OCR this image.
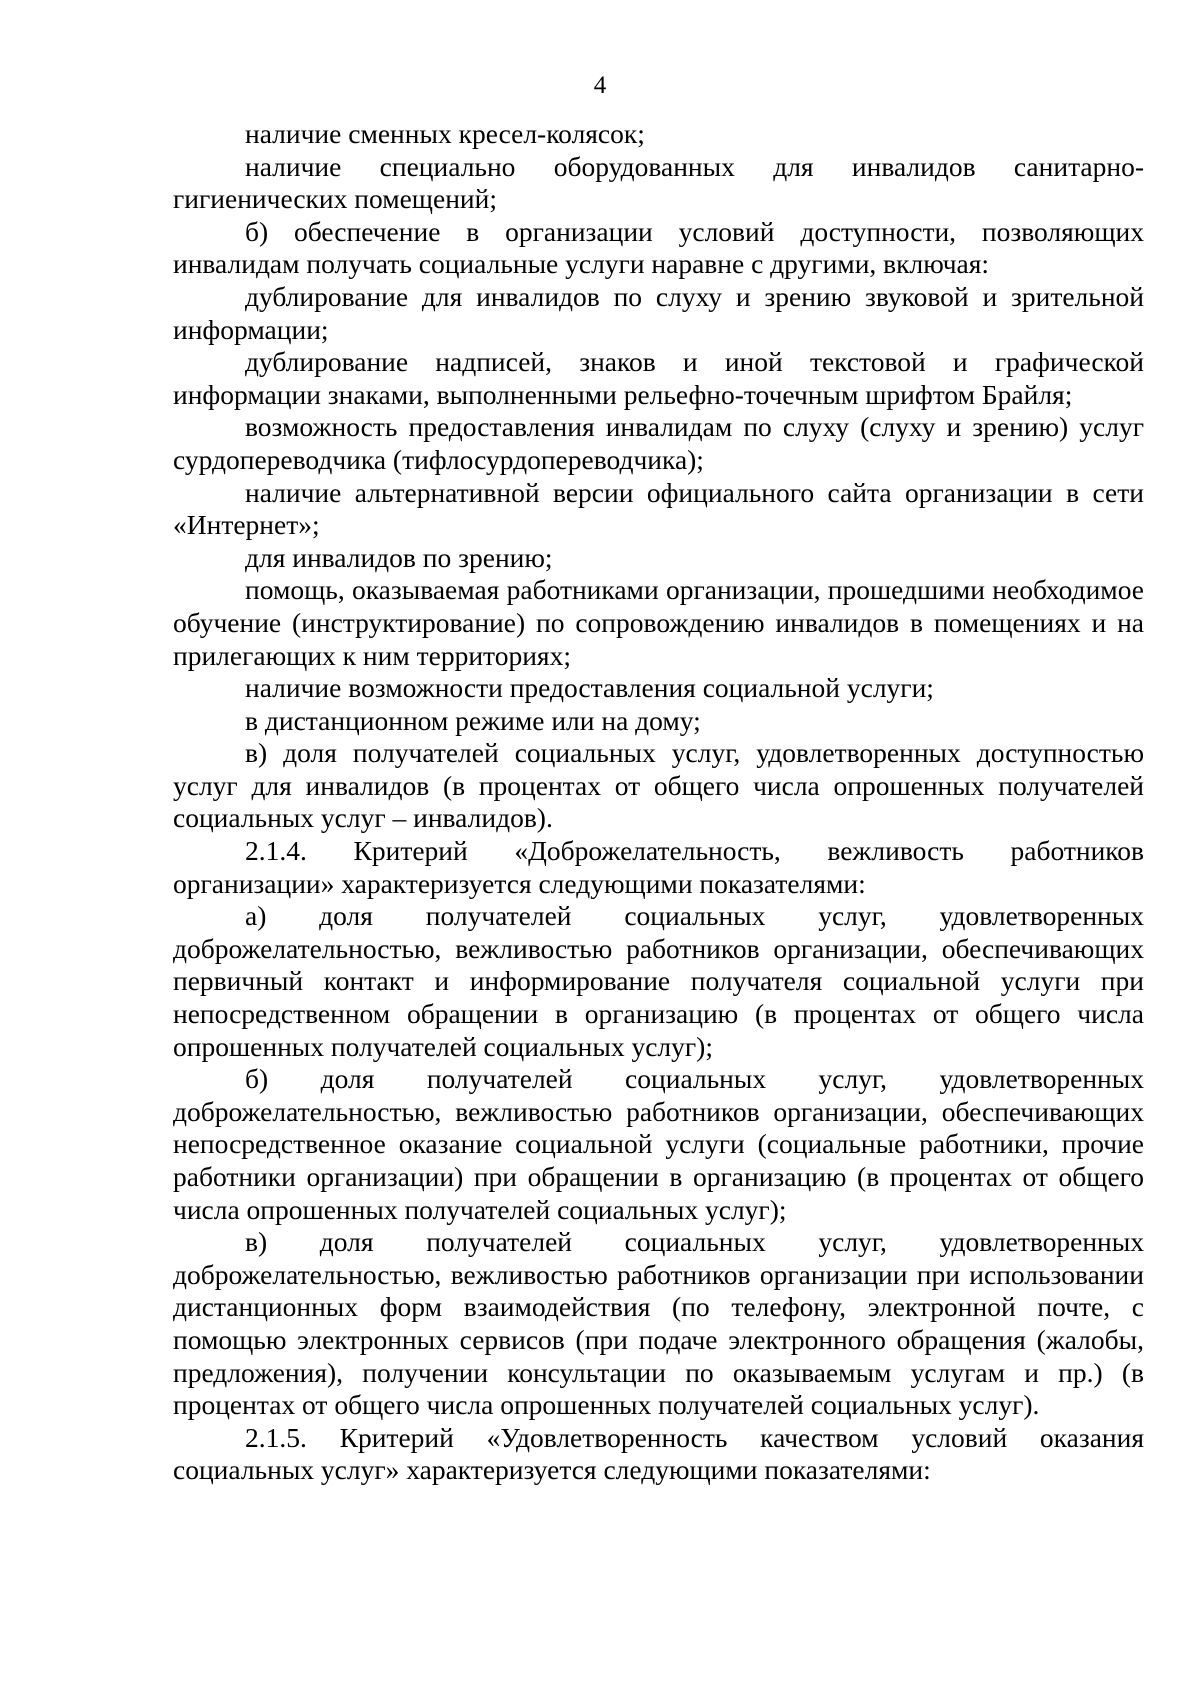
4

наличие сменных кресел-колясок;

наличие специально оборудованных для инвалидов санитарно-гигиенических помещений;

б) обеспечение в организации условий доступности, позволяющих инвалидам получать социальные услуги наравне с другими, включая:

дублирование для инвалидов по слуху и зрению звуковой и зрительной информации;

дублирование надписей, знаков и иной текстовой и графической информации знаками, выполненными рельефно-точечным шрифтом Брайля;

возможность предоставления инвалидам по слуху (слуху и зрению) услуг сурдопереводчика (тифлосурдопереводчика);

наличие альтернативной версии официального сайта организации в сети «Интернет»;

для инвалидов по зрению;

помощь, оказываемая работниками организации, прошедшими необходимое обучение (инструктирование) по сопровождению инвалидов в помещениях и на прилегающих к ним территориях;

наличие возможности предоставления социальной услуги;

в дистанционном режиме или на дому;

в) доля получателей социальных услуг, удовлетворенных доступностью услуг для инвалидов (в процентах от общего числа опрошенных получателей социальных услуг – инвалидов).

2.1.4. Критерий «Доброжелательность, вежливость работников организации» характеризуется следующими показателями:

а) доля получателей социальных услуг, удовлетворенных доброжелательностью, вежливостью работников организации, обеспечивающих первичный контакт и информирование получателя социальной услуги при непосредственном обращении в организацию (в процентах от общего числа опрошенных получателей социальных услуг);

б) доля получателей социальных услуг, удовлетворенных доброжелательностью, вежливостью работников организации, обеспечивающих непосредственное оказание социальной услуги (социальные работники, прочие работники организации) при обращении в организацию (в процентах от общего числа опрошенных получателей социальных услуг);

в) доля получателей социальных услуг, удовлетворенных доброжелательностью, вежливостью работников организации при использовании дистанционных форм взаимодействия (по телефону, электронной почте, с помощью электронных сервисов (при подаче электронного обращения (жалобы, предложения), получении консультации по оказываемым услугам и пр.) (в процентах от общего числа опрошенных получателей социальных услуг).

2.1.5. Критерий «Удовлетворенность качеством условий оказания социальных услуг» характеризуется следующими показателями:
